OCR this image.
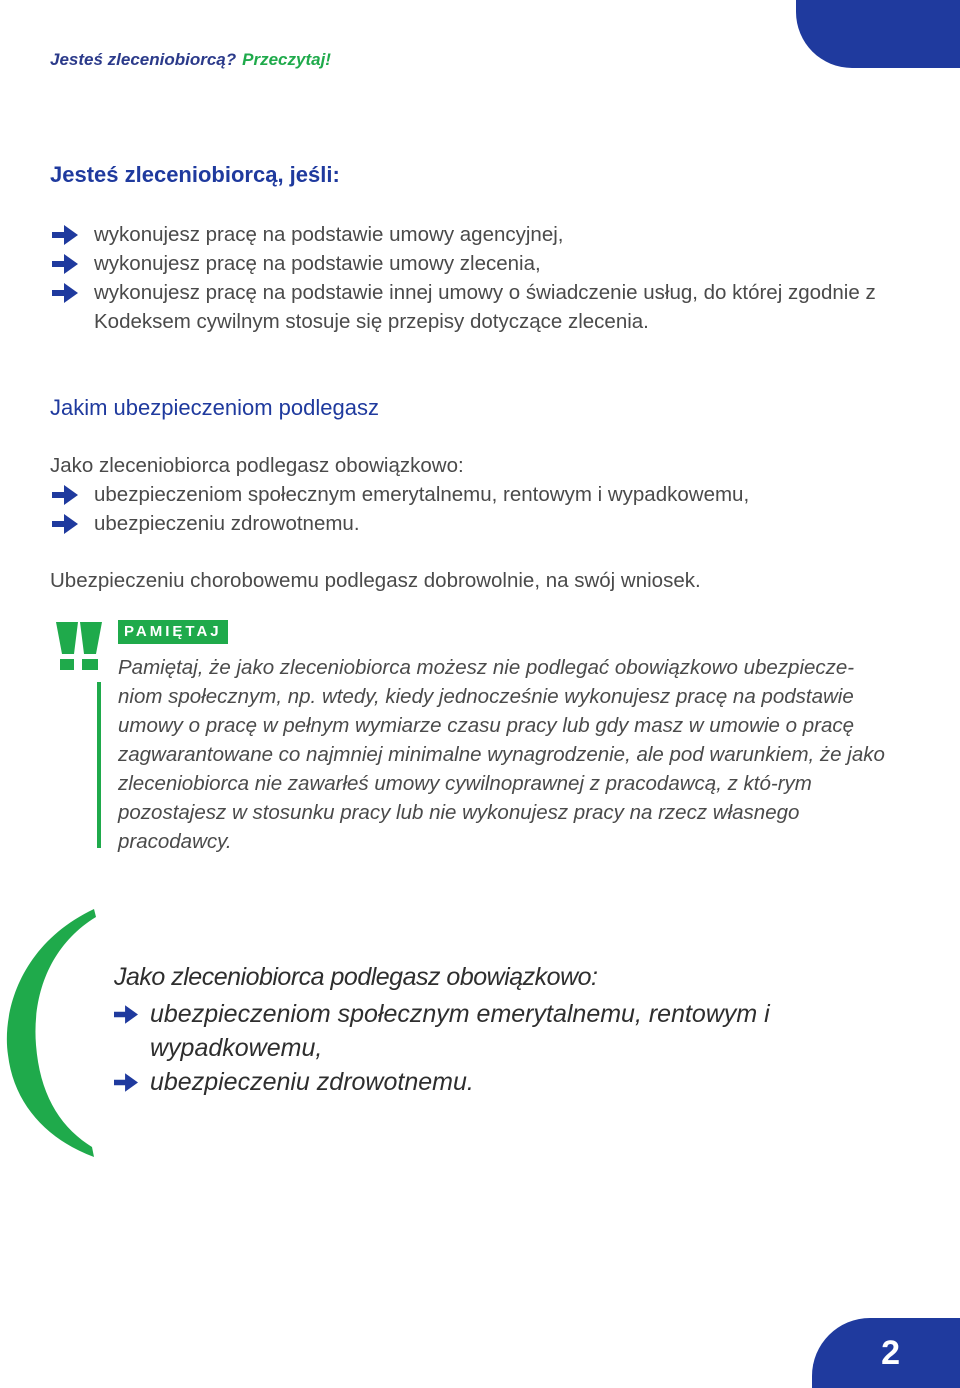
Jesteś zleceniobiorcą? Przeczytaj!
Jesteś zleceniobiorcą, jeśli:
wykonujesz pracę na podstawie umowy agencyjnej,
wykonujesz pracę na podstawie umowy zlecenia,
wykonujesz pracę na podstawie innej umowy o świadczenie usług, do której zgodnie z Kodeksem cywilnym stosuje się przepisy dotyczące zlecenia.
Jakim ubezpieczeniom podlegasz
Jako zleceniobiorca podlegasz obowiązkowo:
ubezpieczeniom społecznym emerytalnemu, rentowym i wypadkowemu,
ubezpieczeniu zdrowotnemu.
Ubezpieczeniu chorobowemu podlegasz dobrowolnie, na swój wniosek.
PAMIĘTAJ
Pamiętaj, że jako zleceniobiorca możesz nie podlegać obowiązkowo ubezpiecze-niom społecznym, np. wtedy, kiedy jednocześnie wykonujesz pracę na podstawie umowy o pracę w pełnym wymiarze czasu pracy lub gdy masz w umowie o pracę zagwarantowane co najmniej minimalne wynagrodzenie, ale pod warunkiem, że jako zleceniobiorca nie zawarłeś umowy cywilnoprawnej z pracodawcą, z któ-rym pozostajesz w stosunku pracy lub nie wykonujesz pracy na rzecz własnego pracodawcy.
Jako zleceniobiorca podlegasz obowiązkowo:
ubezpieczeniom społecznym emerytalnemu, rentowym i wypadkowemu,
ubezpieczeniu zdrowotnemu.
2
